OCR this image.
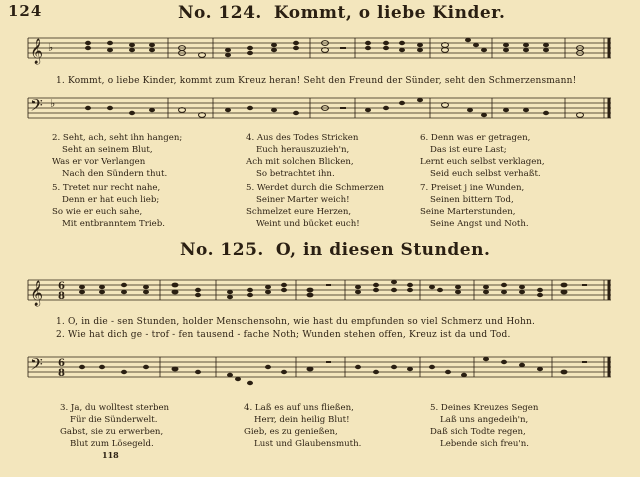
124	No. 124. Kommt, o liebe Kinder.
𝄞 ♭
1. Kommt, o liebe Kinder, kommt zum Kreuz heran! Seht den Freund der Sünder, seht den Schmerzensmann!
𝄢 ♭
2. Seht, ach, seht ihn hangen;
Seht an seinem Blut,
Was er vor Verlangen
Nach den Sündern thut.
5. Tretet nur recht nahe,
Denn er hat euch lieb;
So wie er euch sahe,
Mit entbranntem Trieb.
4. Aus des Todes Stricken
Euch herauszuzieh'n,
Ach mit solchen Blicken,
So betrachtet ihn.
5. Werdet durch die Schmerzen
Seiner Marter weich!
Schmelzet eure Herzen,
Weint und bücket euch!
6. Denn was er getragen,
Das ist eure Last;
Lernt euch selbst verklagen,
Seid euch selbst verhaßt.
7. Preiset j ine Wunden,
Seinen bittern Tod,
Seine Marterstunden,
Seine Angst und Noth.
No. 125. O, in diesen Stunden.
𝄞 6
8
1. O, in die - sen Stunden, holder Menschensohn, wie hast du empfunden so viel Schmerz und Hohn.
2. Wie hat dich ge - trof - fen tausend - fache Noth; Wunden stehen offen, Kreuz ist da und Tod.
𝄢 6
8
3. Ja, du wolltest sterben
Für die Sünderwelt.
Gabst, sie zu erwerben,
Blut zum Lösegeld.
4. Laß es auf uns fließen,
Herr, dein heilig Blut!
Gieb, es zu genießen,
Lust und Glaubensmuth.
5. Deines Kreuzes Segen
Laß uns angedeih'n,
Daß sich Todte regen,
Lebende sich freu'n.
118
